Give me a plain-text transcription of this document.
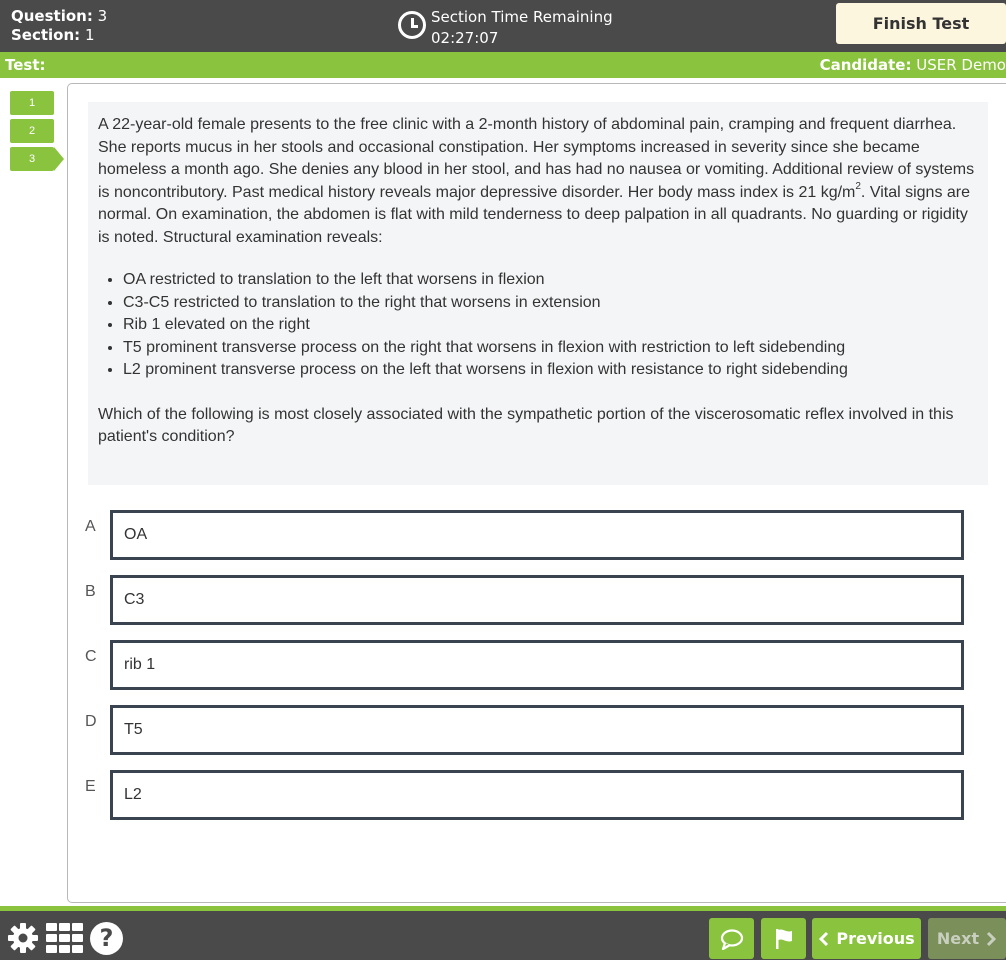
Question: 3
Section: 1
Section Time Remaining
02:27:07
Finish Test
Test:	Candidate: USER Demo
1
2
3

A 22-year-old female presents to the free clinic with a 2-month history of abdominal pain, cramping and frequent diarrhea. She reports mucus in her stools and occasional constipation. Her symptoms increased in severity since she became homeless a month ago. She denies any blood in her stool, and has had no nausea or vomiting. Additional review of systems is noncontributory. Past medical history reveals major depressive disorder. Her body mass index is 21 $kg/m^2$. Vital signs are normal. On examination, the abdomen is flat with mild tenderness to deep palpation in all quadrants. No guarding or rigidity is noted. Structural examination reveals:

• OA restricted to translation to the left that worsens in flexion
• C3-C5 restricted to translation to the right that worsens in extension
• Rib 1 elevated on the right
• T5 prominent transverse process on the right that worsens in flexion with restriction to left sidebending
• L2 prominent transverse process on the left that worsens in flexion with resistance to right sidebending

Which of the following is most closely associated with the sympathetic portion of the viscerosomatic reflex involved in this patient's condition?

A	OA
B	C3
C	rib 1
D	T5
E	L2
?	Previous Next
